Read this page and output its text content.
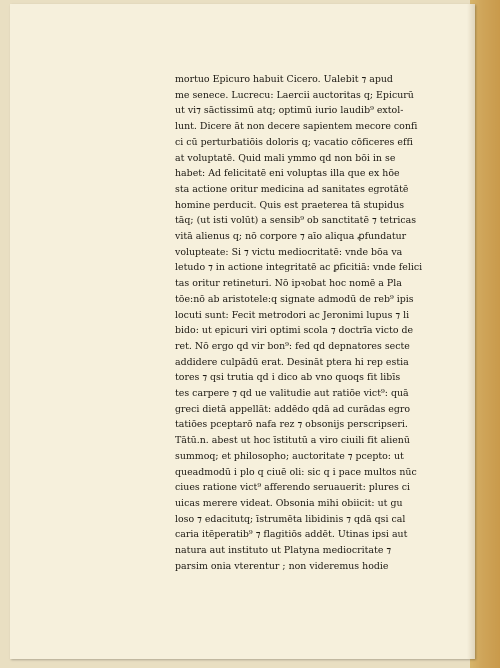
mortuo Epicuro habuit Cicero. Ualebit ⁊ apud
me senece. Lucrecu: Laercii auctoritas q; Epicurū
ut vi⁊ sāctissimū atq; optimū iurio laudib⁹ extol-
lunt. Dicere āt non decere sapientem mecore confi
ci cū perturbatiōis doloris q; vacatio cōficeres effi
at voluptatē. Quid mali ymmo qd non bōi in se
habet: Ad felicitatē eni voluptas illa que ex hōe
sta actione oritur medicina ad sanitates egrotātē
homine perducit. Quis est praeterea tā stupidus
tāq; (ut isti volūt) a sensib⁹ ob sanctitatē ⁊ tetricas
vitā alienus q; nō corpore ⁊ aīo aliqua ꝓfundatur
volupteate: Si ⁊ victu mediocritatē: vnde bōa va
letudo ⁊ in actione integritatē ac ꝑficitiā: vnde felici
tas oritur retineturi. Nō ipꝛobat hoc nomē a Pla
tōe:nō ab aristotele:q signate admodū de reb⁹ ipis
locuti sunt: Fecit metrodori ac Jeronimi lupus ⁊ li
bido: ut epicuri viri optimi scola ⁊ doctrīa victo de
ret. Nō ergo qd vir bon⁹: fed qd depnatores secte
addidere culpādū erat. Desināt ptera hi rep estia
tores ⁊ qsi trutia qd i dico ab vno quoqs fit libīs
tes carpere ⁊ qd ue valitudie aut ratiōe vict⁹: quā
greci dietā appellāt: addēdo qdā ad curādas egro
tatiōes pceptarō nafa rez ⁊ obsonijs perscripseri.
Tātū.n. abest ut hoc īstitutū a viro ciuili fit alienū
summoq; et philosopho; auctoritate ⁊ pcepto: ut
queadmodū i plo q ciuē oli: sic q i pace multos nūc
ciues ratione vict⁹ afferendo seruauerit: plures ci
uicas merere videat. Obsonia mihi obiicit: ut gu
loso ⁊ edacitutq; īstrumēta libidinis ⁊ qdā qsi cal
caria itēperatib⁹ ⁊ flagitiōs addēt. Utinas ipsi aut
natura aut instituto ut Platyna mediocritate ⁊
parsim onia vterentur ; non videremus hodie
